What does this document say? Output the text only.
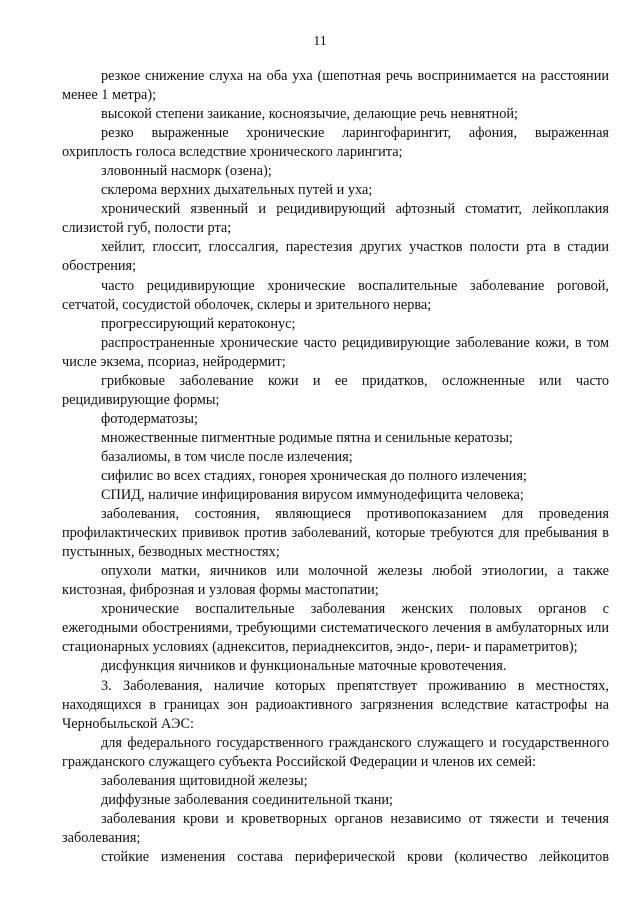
11

резкое снижение слуха на оба уха (шепотная речь воспринимается на расстоянии менее 1 метра);

высокой степени заикание, косноязычие, делающие речь невнятной;

резко выраженные хронические ларингофарингит, афония, выраженная охриплость голоса вследствие хронического ларингита;

зловонный насморк (озена);

склерома верхних дыхательных путей и уха;

хронический язвенный и рецидивирующий афтозный стоматит, лейкоплакия слизистой губ, полости рта;

хейлит, глоссит, глоссалгия, парестезия других участков полости рта в стадии обострения;

часто рецидивирующие хронические воспалительные заболевание роговой, сетчатой, сосудистой оболочек, склеры и зрительного нерва;

прогрессирующий кератоконус;

распространенные хронические часто рецидивирующие заболевание кожи, в том числе экзема, псориаз, нейродермит;

грибковые заболевание кожи и ее придатков, осложненные или часто рецидивирующие формы;

фотодерматозы;

множественные пигментные родимые пятна и сенильные кератозы;

базалиомы, в том числе после излечения;

сифилис во всех стадиях, гонорея хроническая до полного излечения;

СПИД, наличие инфицирования вирусом иммунодефицита человека;

заболевания, состояния, являющиеся противопоказанием для проведения профилактических прививок против заболеваний, которые требуются для пребывания в пустынных, безводных местностях;

опухоли матки, яичников или молочной железы любой этиологии, а также кистозная, фиброзная и узловая формы мастопатии;

хронические воспалительные заболевания женских половых органов с ежегодными обострениями, требующими систематического лечения в амбулаторных или стационарных условиях (аднекситов, периаднекситов, эндо-, пери- и параметритов);

дисфункция яичников и функциональные маточные кровотечения.

3. Заболевания, наличие которых препятствует проживанию в местностях, находящихся в границах зон радиоактивного загрязнения вследствие катастрофы на Чернобыльской АЭС:

для федерального государственного гражданского служащего и государственного гражданского служащего субъекта Российской Федерации и членов их семей:

заболевания щитовидной железы;

диффузные заболевания соединительной ткани;

заболевания крови и кроветворных органов независимо от тяжести и течения заболевания;

стойкие изменения состава периферической крови (количество лейкоцитов
